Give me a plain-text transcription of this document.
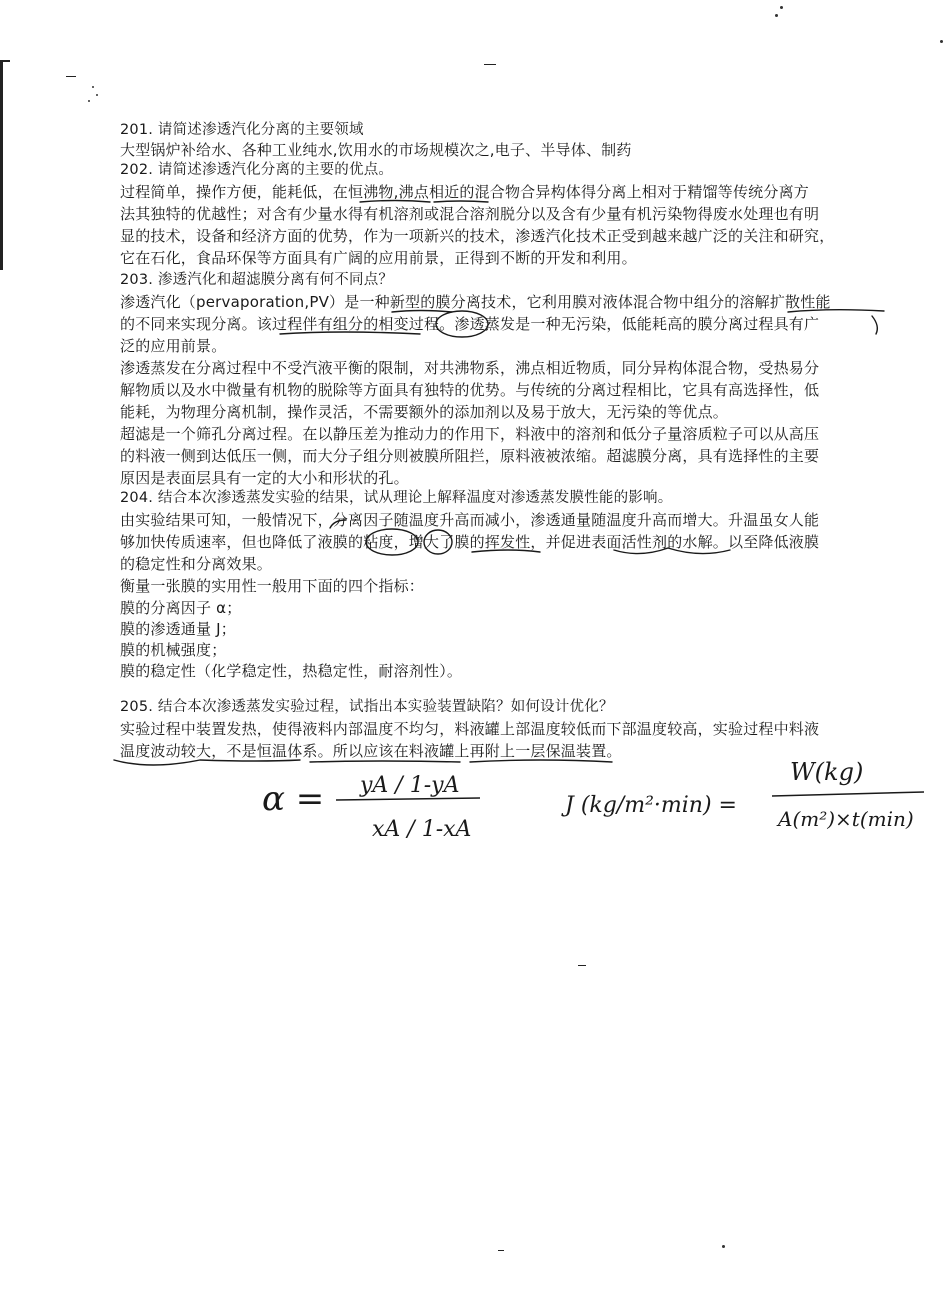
201. 请简述渗透汽化分离的主要领域
大型锅炉补给水、各种工业纯水,饮用水的市场规模次之,电子、半导体、制药
202. 请简述渗透汽化分离的主要的优点。
过程简单，操作方便，能耗低，在恒沸物,沸点相近的混合物合异构体得分离上相对于精馏等传统分离方
法其独特的优越性；对含有少量水得有机溶剂或混合溶剂脱分以及含有少量有机污染物得废水处理也有明
显的技术，设备和经济方面的优势，作为一项新兴的技术，渗透汽化技术正受到越来越广泛的关注和研究，
它在石化，食品环保等方面具有广阔的应用前景，正得到不断的开发和利用。
203. 渗透汽化和超滤膜分离有何不同点？
渗透汽化（pervaporation,PV）是一种新型的膜分离技术，它利用膜对液体混合物中组分的溶解扩散性能
的不同来实现分离。该过程伴有组分的相变过程。渗透蒸发是一种无污染，低能耗高的膜分离过程具有广
泛的应用前景。
渗透蒸发在分离过程中不受汽液平衡的限制，对共沸物系，沸点相近物质，同分异构体混合物，受热易分
解物质以及水中微量有机物的脱除等方面具有独特的优势。与传统的分离过程相比，它具有高选择性，低
能耗，为物理分离机制，操作灵活，不需要额外的添加剂以及易于放大，无污染的等优点。
超滤是一个筛孔分离过程。在以静压差为推动力的作用下，料液中的溶剂和低分子量溶质粒子可以从高压
的料液一侧到达低压一侧，而大分子组分则被膜所阻拦，原料液被浓缩。超滤膜分离，具有选择性的主要
原因是表面层具有一定的大小和形状的孔。
204. 结合本次渗透蒸发实验的结果，试从理论上解释温度对渗透蒸发膜性能的影响。
由实验结果可知，一般情况下，分离因子随温度升高而减小，渗透通量随温度升高而增大。升温虽女人能
够加快传质速率，但也降低了液膜的粘度，增大了膜的挥发性，并促进表面活性剂的水解。以至降低液膜
的稳定性和分离效果。
衡量一张膜的实用性一般用下面的四个指标：
膜的分离因子 α；
膜的渗透通量 J；
膜的机械强度；
膜的稳定性（化学稳定性，热稳定性，耐溶剂性）。
205. 结合本次渗透蒸发实验过程，试指出本实验装置缺陷？如何设计优化？
实验过程中装置发热，使得液料内部温度不均匀，料液罐上部温度较低而下部温度较高，实验过程中料液
温度波动较大，不是恒温体系。所以应该在料液罐上再附上一层保温装置。
α = yA / 1-yA
xA / 1-xA
J (kg/m²·min) =
W(kg)
A(m²)×t(min)
